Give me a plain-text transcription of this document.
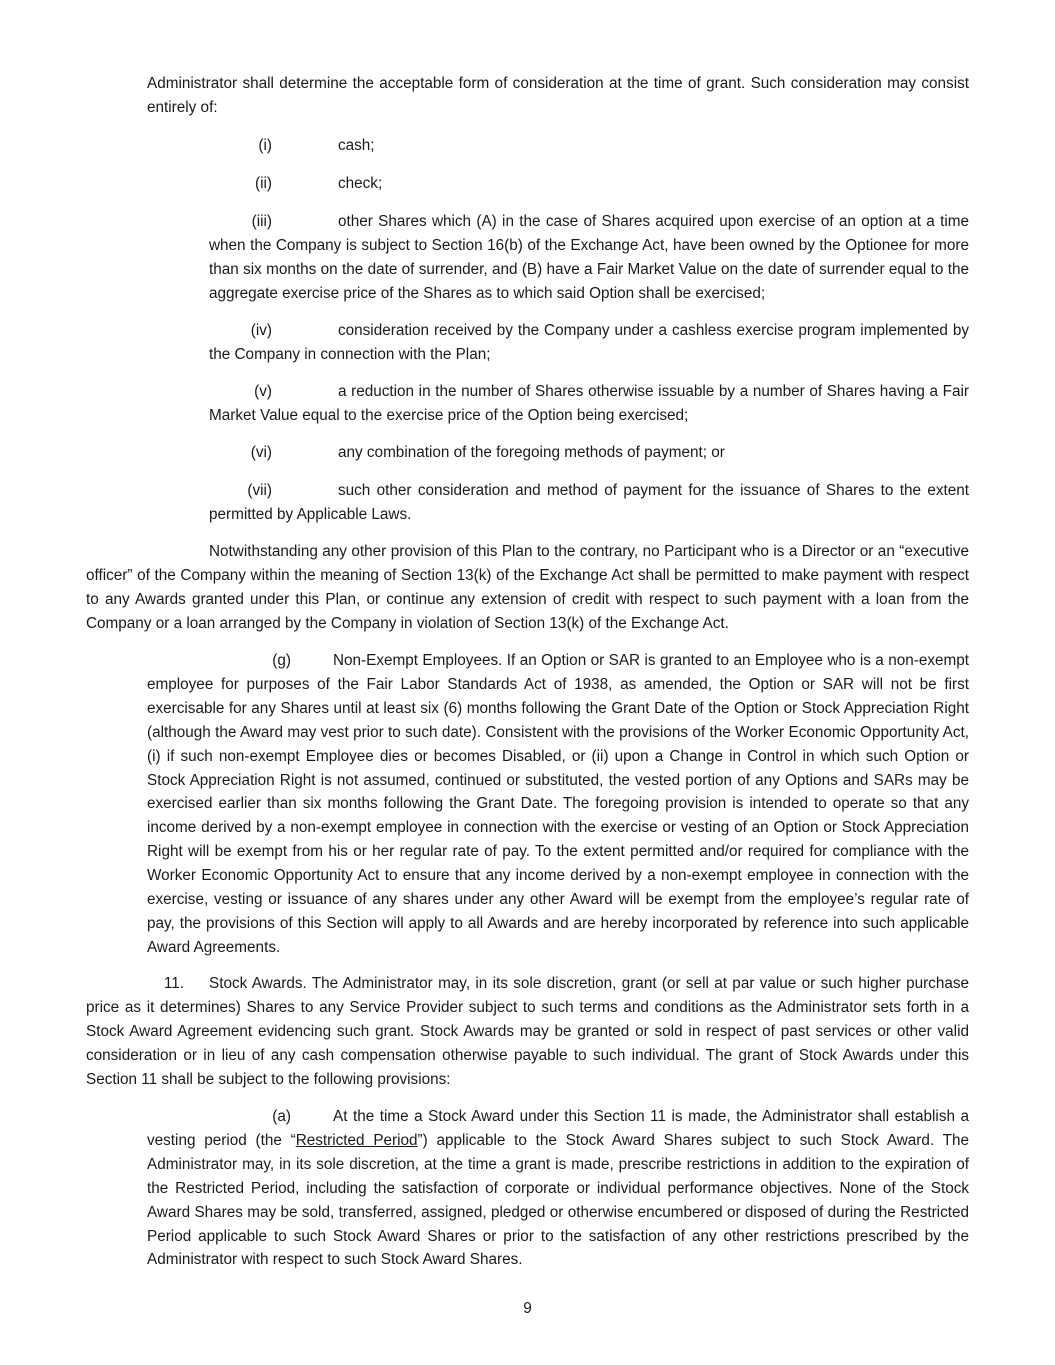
Administrator shall determine the acceptable form of consideration at the time of grant. Such consideration may consist entirely of:

(i)	cash;
(ii)	check;

(iii)	other Shares which (A) in the case of Shares acquired upon exercise of an option at a time when the Company is subject to Section 16(b) of the Exchange Act, have been owned by the Optionee for more than six months on the date of surrender, and (B) have a Fair Market Value on the date of surrender equal to the aggregate exercise price of the Shares as to which said Option shall be exercised;

(iv)	consideration received by the Company under a cashless exercise program implemented by the Company in connection with the Plan;

(v)	a reduction in the number of Shares otherwise issuable by a number of Shares having a Fair Market Value equal to the exercise price of the Option being exercised;

(vi)	any combination of the foregoing methods of payment; or

(vii)	such other consideration and method of payment for the issuance of Shares to the extent permitted by Applicable Laws.

Notwithstanding any other provision of this Plan to the contrary, no Participant who is a Director or an “executive officer” of the Company within the meaning of Section 13(k) of the Exchange Act shall be permitted to make payment with respect to any Awards granted under this Plan, or continue any extension of credit with respect to such payment with a loan from the Company or a loan arranged by the Company in violation of Section 13(k) of the Exchange Act.

(g)	Non-Exempt Employees. If an Option or SAR is granted to an Employee who is a non-exempt employee for purposes of the Fair Labor Standards Act of 1938, as amended, the Option or SAR will not be first exercisable for any Shares until at least six (6) months following the Grant Date of the Option or Stock Appreciation Right (although the Award may vest prior to such date). Consistent with the provisions of the Worker Economic Opportunity Act, (i) if such non-exempt Employee dies or becomes Disabled, or (ii) upon a Change in Control in which such Option or Stock Appreciation Right is not assumed, continued or substituted, the vested portion of any Options and SARs may be exercised earlier than six months following the Grant Date. The foregoing provision is intended to operate so that any income derived by a non-exempt employee in connection with the exercise or vesting of an Option or Stock Appreciation Right will be exempt from his or her regular rate of pay. To the extent permitted and/or required for compliance with the Worker Economic Opportunity Act to ensure that any income derived by a non-exempt employee in connection with the exercise, vesting or issuance of any shares under any other Award will be exempt from the employee’s regular rate of pay, the provisions of this Section will apply to all Awards and are hereby incorporated by reference into such applicable Award Agreements.

11. Stock Awards. The Administrator may, in its sole discretion, grant (or sell at par value or such higher purchase price as it determines) Shares to any Service Provider subject to such terms and conditions as the Administrator sets forth in a Stock Award Agreement evidencing such grant. Stock Awards may be granted or sold in respect of past services or other valid consideration or in lieu of any cash compensation otherwise payable to such individual. The grant of Stock Awards under this Section 11 shall be subject to the following provisions:

(a)	At the time a Stock Award under this Section 11 is made, the Administrator shall establish a vesting period (the “Restricted Period”) applicable to the Stock Award Shares subject to such Stock Award. The Administrator may, in its sole discretion, at the time a grant is made, prescribe restrictions in addition to the expiration of the Restricted Period, including the satisfaction of corporate or individual performance objectives. None of the Stock Award Shares may be sold, transferred, assigned, pledged or otherwise encumbered or disposed of during the Restricted Period applicable to such Stock Award Shares or prior to the satisfaction of any other restrictions prescribed by the Administrator with respect to such Stock Award Shares.

9
